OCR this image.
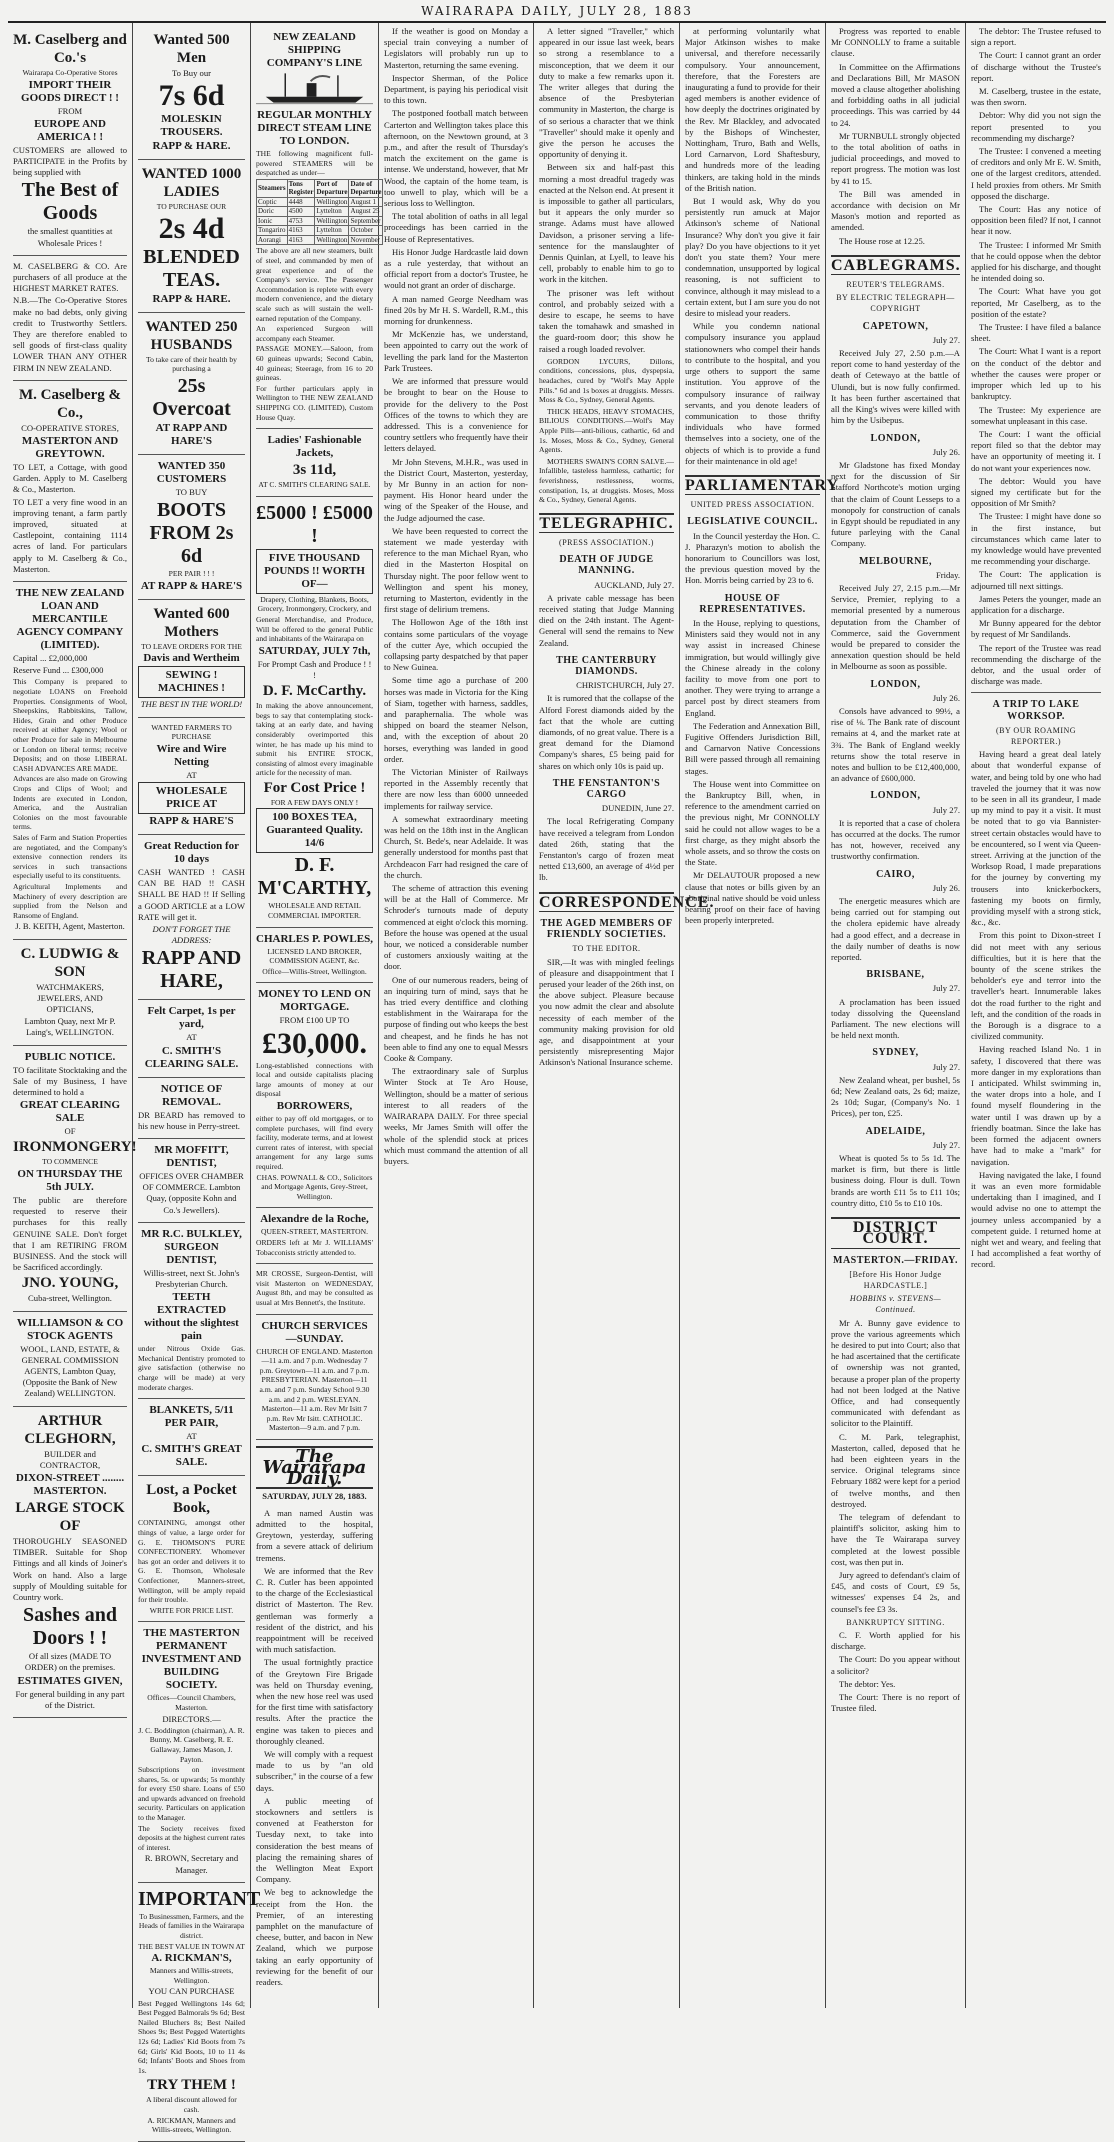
WAIRARAPA DAILY, JULY 28, 1883

M. Caselberg and Co.'s

Wairarapa Co-Operative Stores

IMPORT THEIR GOODS DIRECT ! !

FROM

EUROPE AND AMERICA ! !

CUSTOMERS are allowed to PARTICIPATE in the Profits by being supplied with

The Best of Goods

the smallest quantities at Wholesale Prices !

M. CASELBERG & CO. Are purchasers of all produce at the HIGHEST MARKET RATES.

N.B.—The Co-Operative Stores make no bad debts, only giving credit to Trustworthy Settlers. They are therefore enabled to sell goods of first-class quality LOWER THAN ANY OTHER FIRM IN NEW ZEALAND.

M. Caselberg & Co.,

CO-OPERATIVE STORES,

MASTERTON AND GREYTOWN.

TO LET, a Cottage, with good Garden. Apply to M. Caselberg & Co., Masterton.

TO LET a very fine wood in an improving tenant, a farm partly improved, situated at Castlepoint, containing 1114 acres of land. For particulars apply to M. Caselberg & Co., Masterton.

THE NEW ZEALAND LOAN AND MERCANTILE AGENCY COMPANY (LIMITED).

Capital ... £2,000,000

Reserve Fund ... £300,000

This Company is prepared to negotiate LOANS on Freehold Properties. Consignments of Wool, Sheepskins, Rabbitskins, Tallow, Hides, Grain and other Produce received at either Agency; Wool or other Produce for sale in Melbourne or London on liberal terms; receive Deposits; and on those LIBERAL CASH ADVANCES ARE MADE.

Advances are also made on Growing Crops and Clips of Wool; and Indents are executed in London, America, and the Australian Colonies on the most favourable terms.

Sales of Farm and Station Properties are negotiated, and the Company's extensive connection renders its services in such transactions especially useful to its constituents.

Agricultural Implements and Machinery of every description are supplied from the Nelson and Ransome of England.

J. B. KEITH, Agent, Masterton.

C. LUDWIG & SON

WATCHMAKERS, JEWELERS, AND OPTICIANS,

Lambton Quay, next Mr P. Laing's, WELLINGTON.

PUBLIC NOTICE.

TO facilitate Stocktaking and the Sale of my Business, I have determined to hold a

GREAT CLEARING SALE

OF

IRONMONGERY!

TO COMMENCE

ON THURSDAY THE 5th JULY.

The public are therefore requested to reserve their purchases for this really GENUINE SALE. Don't forget that I am RETIRING FROM BUSINESS. And the stock will be Sacrificed accordingly.

JNO. YOUNG,

Cuba-street, Wellington.

WILLIAMSON & CO STOCK AGENTS

WOOL, LAND, ESTATE, & GENERAL COMMISSION AGENTS, Lambton Quay, (Opposite the Bank of New Zealand) WELLINGTON.

ARTHUR CLEGHORN,

BUILDER and CONTRACTOR,

DIXON-STREET ........ MASTERTON.

LARGE STOCK OF

THOROUGHLY SEASONED TIMBER. Suitable for Shop Fittings and all kinds of Joiner's Work on hand. Also a large supply of Moulding suitable for Country work.

Sashes and Doors ! !

Of all sizes (MADE TO ORDER) on the premises.

ESTIMATES GIVEN,

For general building in any part of the District.

Wanted 500 Men

To Buy our

7s 6d

MOLESKIN TROUSERS.

RAPP & HARE.

WANTED 1000 LADIES

TO PURCHASE OUR

2s 4d

BLENDED TEAS.

RAPP & HARE.

WANTED 250 HUSBANDS

To take care of their health by purchasing a

25s Overcoat

AT RAPP AND HARE'S

WANTED 350 CUSTOMERS

TO BUY

BOOTS FROM 2s 6d

PER PAIR ! ! !

AT RAPP & HARE'S

Wanted 600 Mothers

TO LEAVE ORDERS FOR THE

Davis and Wertheim

SEWING ! MACHINES !

THE BEST IN THE WORLD!

WANTED FARMERS TO PURCHASE

Wire and Wire Netting

AT

WHOLESALE PRICE AT

RAPP & HARE'S

Great Reduction for 10 days

CASH WANTED ! CASH CAN BE HAD !! CASH SHALL BE HAD !! If Selling a GOOD ARTICLE at a LOW RATE will get it.

DON'T FORGET THE ADDRESS:

RAPP AND HARE,

Felt Carpet, 1s per yard,

AT

C. SMITH'S CLEARING SALE.

NOTICE OF REMOVAL.

DR BEARD has removed to his new house in Perry-street.

MR MOFFITT, DENTIST,

OFFICES OVER CHAMBER OF COMMERCE. Lambton Quay, (opposite Kohn and Co.'s Jewellers).

MR R.C. BULKLEY, SURGEON DENTIST,

Willis-street, next St. John's Presbyterian Church.

TEETH EXTRACTED without the slightest pain

under Nitrous Oxide Gas. Mechanical Dentistry promoted to give satisfaction (otherwise no charge will be made) at very moderate charges.

BLANKETS, 5/11 PER PAIR,

AT

C. SMITH'S GREAT SALE.

Lost, a Pocket Book,

CONTAINING, amongst other things of value, a large order for G. E. THOMSON'S PURE CONFECTIONERY. Whomever has got an order and delivers it to G. E. Thomson, Wholesale Confectioner, Manners-street, Wellington, will be amply repaid for their trouble.

WRITE FOR PRICE LIST.

THE MASTERTON PERMANENT INVESTMENT AND BUILDING SOCIETY.

Offices—Council Chambers, Masterton.

DIRECTORS.—

J. C. Boddington (chairman), A. R. Bunny, M. Caselberg, R. E. Gallaway, James Mason, J. Payton.

Subscriptions on investment shares, 5s. or upwards; 5s monthly for every £50 share. Loans of £50 and upwards advanced on freehold security. Particulars on application to the Manager.

The Society receives fixed deposits at the highest current rates of interest.

R. BROWN, Secretary and Manager.

IMPORTANT

To Businessmen, Farmers, and the Heads of families in the Wairarapa district.

THE BEST VALUE IN TOWN AT

A. RICKMAN'S,

Manners and Willis-streets, Wellington.

YOU CAN PURCHASE

Best Pegged Wellingtons 14s 6d; Best Pegged Balmorals 9s 6d; Best Nailed Bluchers 8s; Best Nailed Shoes 9s; Best Pegged Watertights 12s 6d; Ladies' Kid Boots from 7s 6d; Girls' Kid Boots, 10 to 11 4s 6d; Infants' Boots and Shoes from 1s.

TRY THEM !

A liberal discount allowed for cash.

A. RICKMAN, Manners and Willis-streets, Wellington.

NEW ZEALAND SHIPPING COMPANY'S LINE

REGULAR MONTHLY DIRECT STEAM LINE TO LONDON.

THE following magnificent full-powered STEAMERS will be despatched as under—

Steamers	Tons Register	Port of Departure	Date of Departure
Coptic	4448	Wellington	August 1
Doric	4500	Lyttelton	August 25
Ionic	4753	Wellington	September
Tongariro	4163	Lyttelton	October
Aorangi	4163	Wellington	November

The above are all new steamers, built of steel, and commanded by men of great experience and of the Company's service. The Passenger Accommodation is replete with every modern convenience, and the dietary scale such as will sustain the well-earned reputation of the Company.

An experienced Surgeon will accompany each Steamer.

PASSAGE MONEY.—Saloon, from 60 guineas upwards; Second Cabin, 40 guineas; Steerage, from 16 to 20 guineas.

For further particulars apply in Wellington to THE NEW ZEALAND SHIPPING CO. (LIMITED), Custom House Quay.

Ladies' Fashionable Jackets,

3s 11d,

AT C. SMITH'S CLEARING SALE.

£5000 ! £5000 !

FIVE THOUSAND POUNDS !! WORTH OF—

Drapery, Clothing, Blankets, Boots, Grocery, Ironmongery, Crockery, and

General Merchandise, and Produce, Will be offered to the general Public and inhabitants of the Wairarapa on

SATURDAY, JULY 7th,

For Prompt Cash and Produce ! ! !

D. F. McCarthy.

In making the above announcement, begs to say that contemplating stock-taking at an early date, and having considerably overimported this winter, he has made up his mind to submit his ENTIRE STOCK, consisting of almost every imaginable article for the necessity of man.

For Cost Price !

FOR A FEW DAYS ONLY !

100 BOXES TEA, Guaranteed Quality. 14/6

D. F. M'CARTHY,

WHOLESALE AND RETAIL COMMERCIAL IMPORTER.

CHARLES P. POWLES,

LICENSED LAND BROKER, COMMISSION AGENT, &c.

Office—Willis-Street, Wellington.

MONEY TO LEND ON MORTGAGE.

FROM £100 UP TO

£30,000.

Long-established connections with local and outside capitalists placing large amounts of money at our disposal

BORROWERS,

either to pay off old mortgages, or to complete purchases, will find every facility, moderate terms, and at lowest current rates of interest, with special arrangement for any large sums required.

CHAS. POWNALL & CO., Solicitors and Mortgage Agents, Grey-Street, Wellington.

Alexandre de la Roche,

QUEEN-STREET, MASTERTON.

ORDERS left at Mr J. WILLIAMS' Tobacconists strictly attended to.

MR CROSSE, Surgeon-Dentist, will visit Masterton on WEDNESDAY, August 8th, and may be consulted as usual at Mrs Bennett's, the Institute.

CHURCH SERVICES—SUNDAY.

CHURCH OF ENGLAND. Masterton—11 a.m. and 7 p.m. Wednesday 7 p.m. Greytown—11 a.m. and 7 p.m. PRESBYTERIAN. Masterton—11 a.m. and 7 p.m. Sunday School 9.30 a.m. and 2 p.m. WESLEYAN. Masterton—11 a.m. Rev Mr Isitt 7 p.m. Rev Mr Isitt. CATHOLIC. Masterton—9 a.m. and 7 p.m.

The Wairarapa Daily.
SATURDAY, JULY 28, 1883.

A man named Austin was admitted to the hospital, Greytown, yesterday, suffering from a severe attack of delirium tremens.

We are informed that the Rev C. R. Cutler has been appointed to the charge of the Ecclesiastical district of Masterton. The Rev. gentleman was formerly a resident of the district, and his reappointment will be received with much satisfaction.

The usual fortnightly practice of the Greytown Fire Brigade was held on Thursday evening, when the new hose reel was used for the first time with satisfactory results. After the practice the engine was taken to pieces and thoroughly cleaned.

We will comply with a request made to us by "an old subscriber," in the course of a few days.

A public meeting of stockowners and settlers is convened at Featherston for Tuesday next, to take into consideration the best means of placing the remaining shares of the Wellington Meat Export Company.

We beg to acknowledge the receipt from the Hon. the Premier, of an interesting pamphlet on the manufacture of cheese, butter, and bacon in New Zealand, which we purpose taking an early opportunity of reviewing for the benefit of our readers.

If the weather is good on Monday a special train conveying a number of Legislators will probably run up to Masterton, returning the same evening.

Inspector Sherman, of the Police Department, is paying his periodical visit to this town.

The postponed football match between Carterton and Wellington takes place this afternoon, on the Newtown ground, at 3 p.m., and after the result of Thursday's match the excitement on the game is intense. We understand, however, that Mr Wood, the captain of the home team, is too unwell to play, which will be a serious loss to Wellington.

The total abolition of oaths in all legal proceedings has been carried in the House of Representatives.

His Honor Judge Hardcastle laid down as a rule yesterday, that without an official report from a doctor's Trustee, he would not grant an order of discharge.

A man named George Needham was fined 20s by Mr H. S. Wardell, R.M., this morning for drunkenness.

Mr McKenzie has, we understand, been appointed to carry out the work of levelling the park land for the Masterton Park Trustees.

We are informed that pressure would be brought to bear on the House to provide for the delivery to the Post Offices of the towns to which they are addressed. This is a convenience for country settlers who frequently have their letters delayed.

Mr John Stevens, M.H.R., was used in the District Court, Masterton, yesterday, by Mr Bunny in an action for non-payment. His Honor heard under the wing of the Speaker of the House, and the Judge adjourned the case.

We have been requested to correct the statement we made yesterday with reference to the man Michael Ryan, who died in the Masterton Hospital on Thursday night. The poor fellow went to Wellington and spent his money, returning to Masterton, evidently in the first stage of delirium tremens.

The Hollowon Age of the 18th inst contains some particulars of the voyage of the cutter Aye, which occupied the collapsing party despatched by that paper to New Guinea.

Some time ago a purchase of 200 horses was made in Victoria for the King of Siam, together with harness, saddles, and paraphernalia. The whole was shipped on board the steamer Nelson, and, with the exception of about 20 horses, everything was landed in good order.

The Victorian Minister of Railways reported in the Assembly recently that there are now less than 6000 unneeded implements for railway service.

A somewhat extraordinary meeting was held on the 18th inst in the Anglican Church, St. Bede's, near Adelaide. It was generally understood for months past that Archdeacon Farr had resigned the care of the church.

The scheme of attraction this evening will be at the Hall of Commerce. Mr Schroder's turnouts made of deputy commenced at eight o'clock this morning. Before the house was opened at the usual hour, we noticed a considerable number of customers anxiously waiting at the door.

One of our numerous readers, being of an inquiring turn of mind, says that he has tried every dentiffice and clothing establishment in the Wairarapa for the purpose of finding out who keeps the best and cheapest, and he finds he has not been able to find any one to equal Messrs Cooke & Company.

The extraordinary sale of Surplus Winter Stock at Te Aro House, Wellington, should be a matter of serious interest to all readers of the WAIRARAPA DAILY. For three special weeks, Mr James Smith will offer the whole of the splendid stock at prices which must command the attention of all buyers.

A letter signed "Traveller," which appeared in our issue last week, bears so strong a resemblance to a misconception, that we deem it our duty to make a few remarks upon it. The writer alleges that during the absence of the Presbyterian community in Masterton, the charge is of so serious a character that we think "Traveller" should make it openly and give the person he accuses the opportunity of denying it.

Between six and half-past this morning a most dreadful tragedy was enacted at the Nelson end. At present it is impossible to gather all particulars, but it appears the only murder so strange. Adams must have allowed Davidson, a prisoner serving a life-sentence for the manslaughter of Dennis Quinlan, at Lyell, to leave his cell, probably to enable him to go to work in the kitchen.

The prisoner was left without control, and probably seized with a desire to escape, he seems to have taken the tomahawk and smashed in the guard-room door; this show he raised a rough loaded revolver.

GORDON LYCURS, Dillons, conditions, concessions, plus, dyspepsia, headaches, cured by "Wolf's May Apple Pills." 6d and 1s boxes at druggists. Messrs. Moss & Co., Sydney, General Agents.

THICK HEADS, HEAVY STOMACHS, BILIOUS CONDITIONS.—Wolf's May Apple Pills—anti-bilious, cathartic, 6d and 1s. Moses, Moss & Co., Sydney, General Agents.

MOTHERS SWAIN'S CORN SALVE.—Infallible, tasteless harmless, cathartic; for feverishness, restlessness, worms, constipation, 1s, at druggists. Moses, Moss & Co., Sydney, General Agents.

TELEGRAPHIC.
(PRESS ASSOCIATION.)
DEATH OF JUDGE MANNING.

AUCKLAND, July 27.

A private cable message has been received stating that Judge Manning died on the 24th instant. The Agent-General will send the remains to New Zealand.

THE CANTERBURY DIAMONDS.

CHRISTCHURCH, July 27.

It is rumored that the collapse of the Alford Forest diamonds aided by the fact that the whole are cutting diamonds, of no great value. There is a great demand for the Diamond Company's shares, £5 being paid for shares on which only 10s is paid up.

THE FENSTANTON'S CARGO

DUNEDIN, June 27.

The local Refrigerating Company have received a telegram from London dated 26th, stating that the Fenstanton's cargo of frozen meat netted £13,600, an average of 4½d per lb.

CORRESPONDENCE.
THE AGED MEMBERS OF FRIENDLY SOCIETIES.
TO THE EDITOR.

SIR,—It was with mingled feelings of pleasure and disappointment that I perused your leader of the 26th inst, on the above subject. Pleasure because you now admit the clear and absolute necessity of each member of the community making provision for old age, and disappointment at your persistently misrepresenting Major Atkinson's National Insurance scheme.

at performing voluntarily what Major Atkinson wishes to make universal, and therefore necessarily compulsory. Your announcement, therefore, that the Foresters are inaugurating a fund to provide for their aged members is another evidence of how deeply the doctrines originated by the Rev. Mr Blackley, and advocated by the Bishops of Winchester, Nottingham, Truro, Bath and Wells, Lord Carnarvon, Lord Shaftesbury, and hundreds more of the leading thinkers, are taking hold in the minds of the British nation.

But I would ask, Why do you persistently run amuck at Major Atkinson's scheme of National Insurance? Why don't you give it fair play? Do you have objections to it yet don't you state them? Your mere condemnation, unsupported by logical reasoning, is not sufficient to convince, although it may mislead to a certain extent, but I am sure you do not desire to mislead your readers.

While you condemn national compulsory insurance you applaud stationowners who compel their hands to contribute to the hospital, and you urge others to support the same institution. You approve of the compulsory insurance of railway servants, and you denote leaders of communication to those thrifty individuals who have formed themselves into a society, one of the objects of which is to provide a fund for their maintenance in old age!

PARLIAMENTARY
UNITED PRESS ASSOCIATION.
LEGISLATIVE COUNCIL.

In the Council yesterday the Hon. C. J. Pharazyn's motion to abolish the honorarium to Councillors was lost, the previous question moved by the Hon. Morris being carried by 23 to 6.

HOUSE OF REPRESENTATIVES.

In the House, replying to questions, Ministers said they would not in any way assist in increased Chinese immigration, but would willingly give the Chinese already in the colony facility to move from one port to another. They were trying to arrange a parcel post by direct steamers from England.

The Federation and Annexation Bill, Fugitive Offenders Jurisdiction Bill, and Carnarvon Native Concessions Bill were passed through all remaining stages.

The House went into Committee on the Bankruptcy Bill, when, in reference to the amendment carried on the previous night, Mr CONNOLLY said he could not allow wages to be a first charge, as they might absorb the whole assets, and so throw the costs on the State.

Mr DELAUTOUR proposed a new clause that notes or bills given by an aboriginal native should be void unless bearing proof on their face of having been properly interpreted.

Progress was reported to enable Mr CONNOLLY to frame a suitable clause.

In Committee on the Affirmations and Declarations Bill, Mr MASON moved a clause altogether abolishing and forbidding oaths in all judicial proceedings. This was carried by 44 to 24.

Mr TURNBULL strongly objected to the total abolition of oaths in judicial proceedings, and moved to report progress. The motion was lost by 41 to 15.

The Bill was amended in accordance with decision on Mr Mason's motion and reported as amended.

The House rose at 12.25.

CABLEGRAMS.
REUTER'S TELEGRAMS.
BY ELECTRIC TELEGRAPH—COPYRIGHT
CAPETOWN,

July 27.

Received July 27, 2.50 p.m.—A report come to hand yesterday of the death of Cetewayo at the battle of Ulundi, but is now fully confirmed. It has been further ascertained that all the King's wives were killed with him by the Usibepus.

LONDON,

July 26.

Mr Gladstone has fixed Monday next for the discussion of Sir Stafford Northcote's motion urging that the claim of Count Lesseps to a monopoly for construction of canals in Egypt should be repudiated in any future parleying with the Canal Company.

MELBOURNE,

Friday.

Received July 27, 2.15 p.m.—Mr Service, Premier, replying to a memorial presented by a numerous deputation from the Chamber of Commerce, said the Government would be prepared to consider the annexation question should be held in Melbourne as soon as possible.

LONDON,

July 26.

Consols have advanced to 99½, a rise of ⅛. The Bank rate of discount remains at 4, and the market rate at 3¾. The Bank of England weekly returns show the total reserve in notes and bullion to be £12,400,000, an advance of £600,000.

LONDON,

July 27.

It is reported that a case of cholera has occurred at the docks. The rumor has not, however, received any trustworthy confirmation.

CAIRO,

July 26.

The energetic measures which are being carried out for stamping out the cholera epidemic have already had a good effect, and a decrease in the daily number of deaths is now reported.

BRISBANE,

July 27.

A proclamation has been issued today dissolving the Queensland Parliament. The new elections will be held next month.

SYDNEY,

July 27.

New Zealand wheat, per bushel, 5s 6d; New Zealand oats, 2s 6d; maize, 2s 10d; Sugar, (Company's No. 1 Prices), per ton, £25.

ADELAIDE,

July 27.

Wheat is quoted 5s to 5s 1d. The market is firm, but there is little business doing. Flour is dull. Town brands are worth £11 5s to £11 10s; country ditto, £10 5s to £10 10s.

DISTRICT COURT.
MASTERTON.—FRIDAY.
[Before His Honor Judge HARDCASTLE.]
HOBBINS v. STEVENS—Continued.

Mr A. Bunny gave evidence to prove the various agreements which he desired to put into Court; also that he had ascertained that the certificate of ownership was not granted, because a proper plan of the property had not been lodged at the Native Office, and had consequently communicated with defendant as solicitor to the Plaintiff.

C. M. Park, telegraphist, Masterton, called, deposed that he had been eighteen years in the service. Original telegrams since February 1882 were kept for a period of twelve months, and then destroyed.

The telegram of defendant to plaintiff's solicitor, asking him to have the Te Wairarapa survey completed at the lowest possible cost, was then put in.

Jury agreed to defendant's claim of £45, and costs of Court, £9 5s, witnesses' expenses £4 2s, and counsel's fee £3 3s.

BANKRUPTCY SITTING.

C. F. Worth applied for his discharge.

The Court: Do you appear without a solicitor?

The debtor: Yes.

The Court: There is no report of Trustee filed.

The debtor: The Trustee refused to sign a report.

The Court: I cannot grant an order of discharge without the Trustee's report.

M. Caselberg, trustee in the estate, was then sworn.

Debtor: Why did you not sign the report presented to you recommending my discharge?

The Trustee: I convened a meeting of creditors and only Mr E. W. Smith, one of the largest creditors, attended. I held proxies from others. Mr Smith opposed the discharge.

The Court: Has any notice of opposition been filed? If not, I cannot hear it now.

The Trustee: I informed Mr Smith that he could oppose when the debtor applied for his discharge, and thought he intended doing so.

The Court: What have you got reported, Mr Caselberg, as to the position of the estate?

The Trustee: I have filed a balance sheet.

The Court: What I want is a report on the conduct of the debtor and whether the causes were proper or improper which led up to his bankruptcy.

The Trustee: My experience are somewhat unpleasant in this case.

The Court: I want the official report filed so that the debtor may have an opportunity of meeting it. I do not want your experiences now.

The debtor: Would you have signed my certificate but for the opposition of Mr Smith?

The Trustee: I might have done so in the first instance, but circumstances which came later to my knowledge would have prevented me recommending your discharge.

The Court: The application is adjourned till next sittings.

James Peters the younger, made an application for a discharge.

Mr Bunny appeared for the debtor by request of Mr Sandilands.

The report of the Trustee was read recommending the discharge of the debtor, and the usual order of discharge was made.

A TRIP TO LAKE WORKSOP.
(BY OUR ROAMING REPORTER.)

Having heard a great deal lately about that wonderful expanse of water, and being told by one who had traveled the journey that it was now to be seen in all its grandeur, I made up my mind to pay it a visit. It must be noted that to go via Bannister-street certain obstacles would have to be encountered, so I went via Queen-street. Arriving at the junction of the Worksop Road, I made preparations for the journey by converting my trousers into knickerbockers, fastening my boots on firmly, providing myself with a strong stick, &c., &c.

From this point to Dixon-street I did not meet with any serious difficulties, but it is here that the bounty of the scene strikes the beholder's eye and terror into the traveller's heart. Innumerable lakes dot the road further to the right and left, and the condition of the roads in the Borough is a disgrace to a civilized community.

Having reached Island No. 1 in safety, I discovered that there was more danger in my explorations than I anticipated. Whilst swimming in, the water drops into a hole, and I found myself floundering in the water until I was drawn up by a friendly boatman. Since the lake has been formed the adjacent owners have had to make a "mark" for navigation.

Having navigated the lake, I found it was an even more formidable undertaking than I imagined, and I would advise no one to attempt the journey unless accompanied by a competent guide. I returned home at night wet and weary, and feeling that I had accomplished a feat worthy of record.
